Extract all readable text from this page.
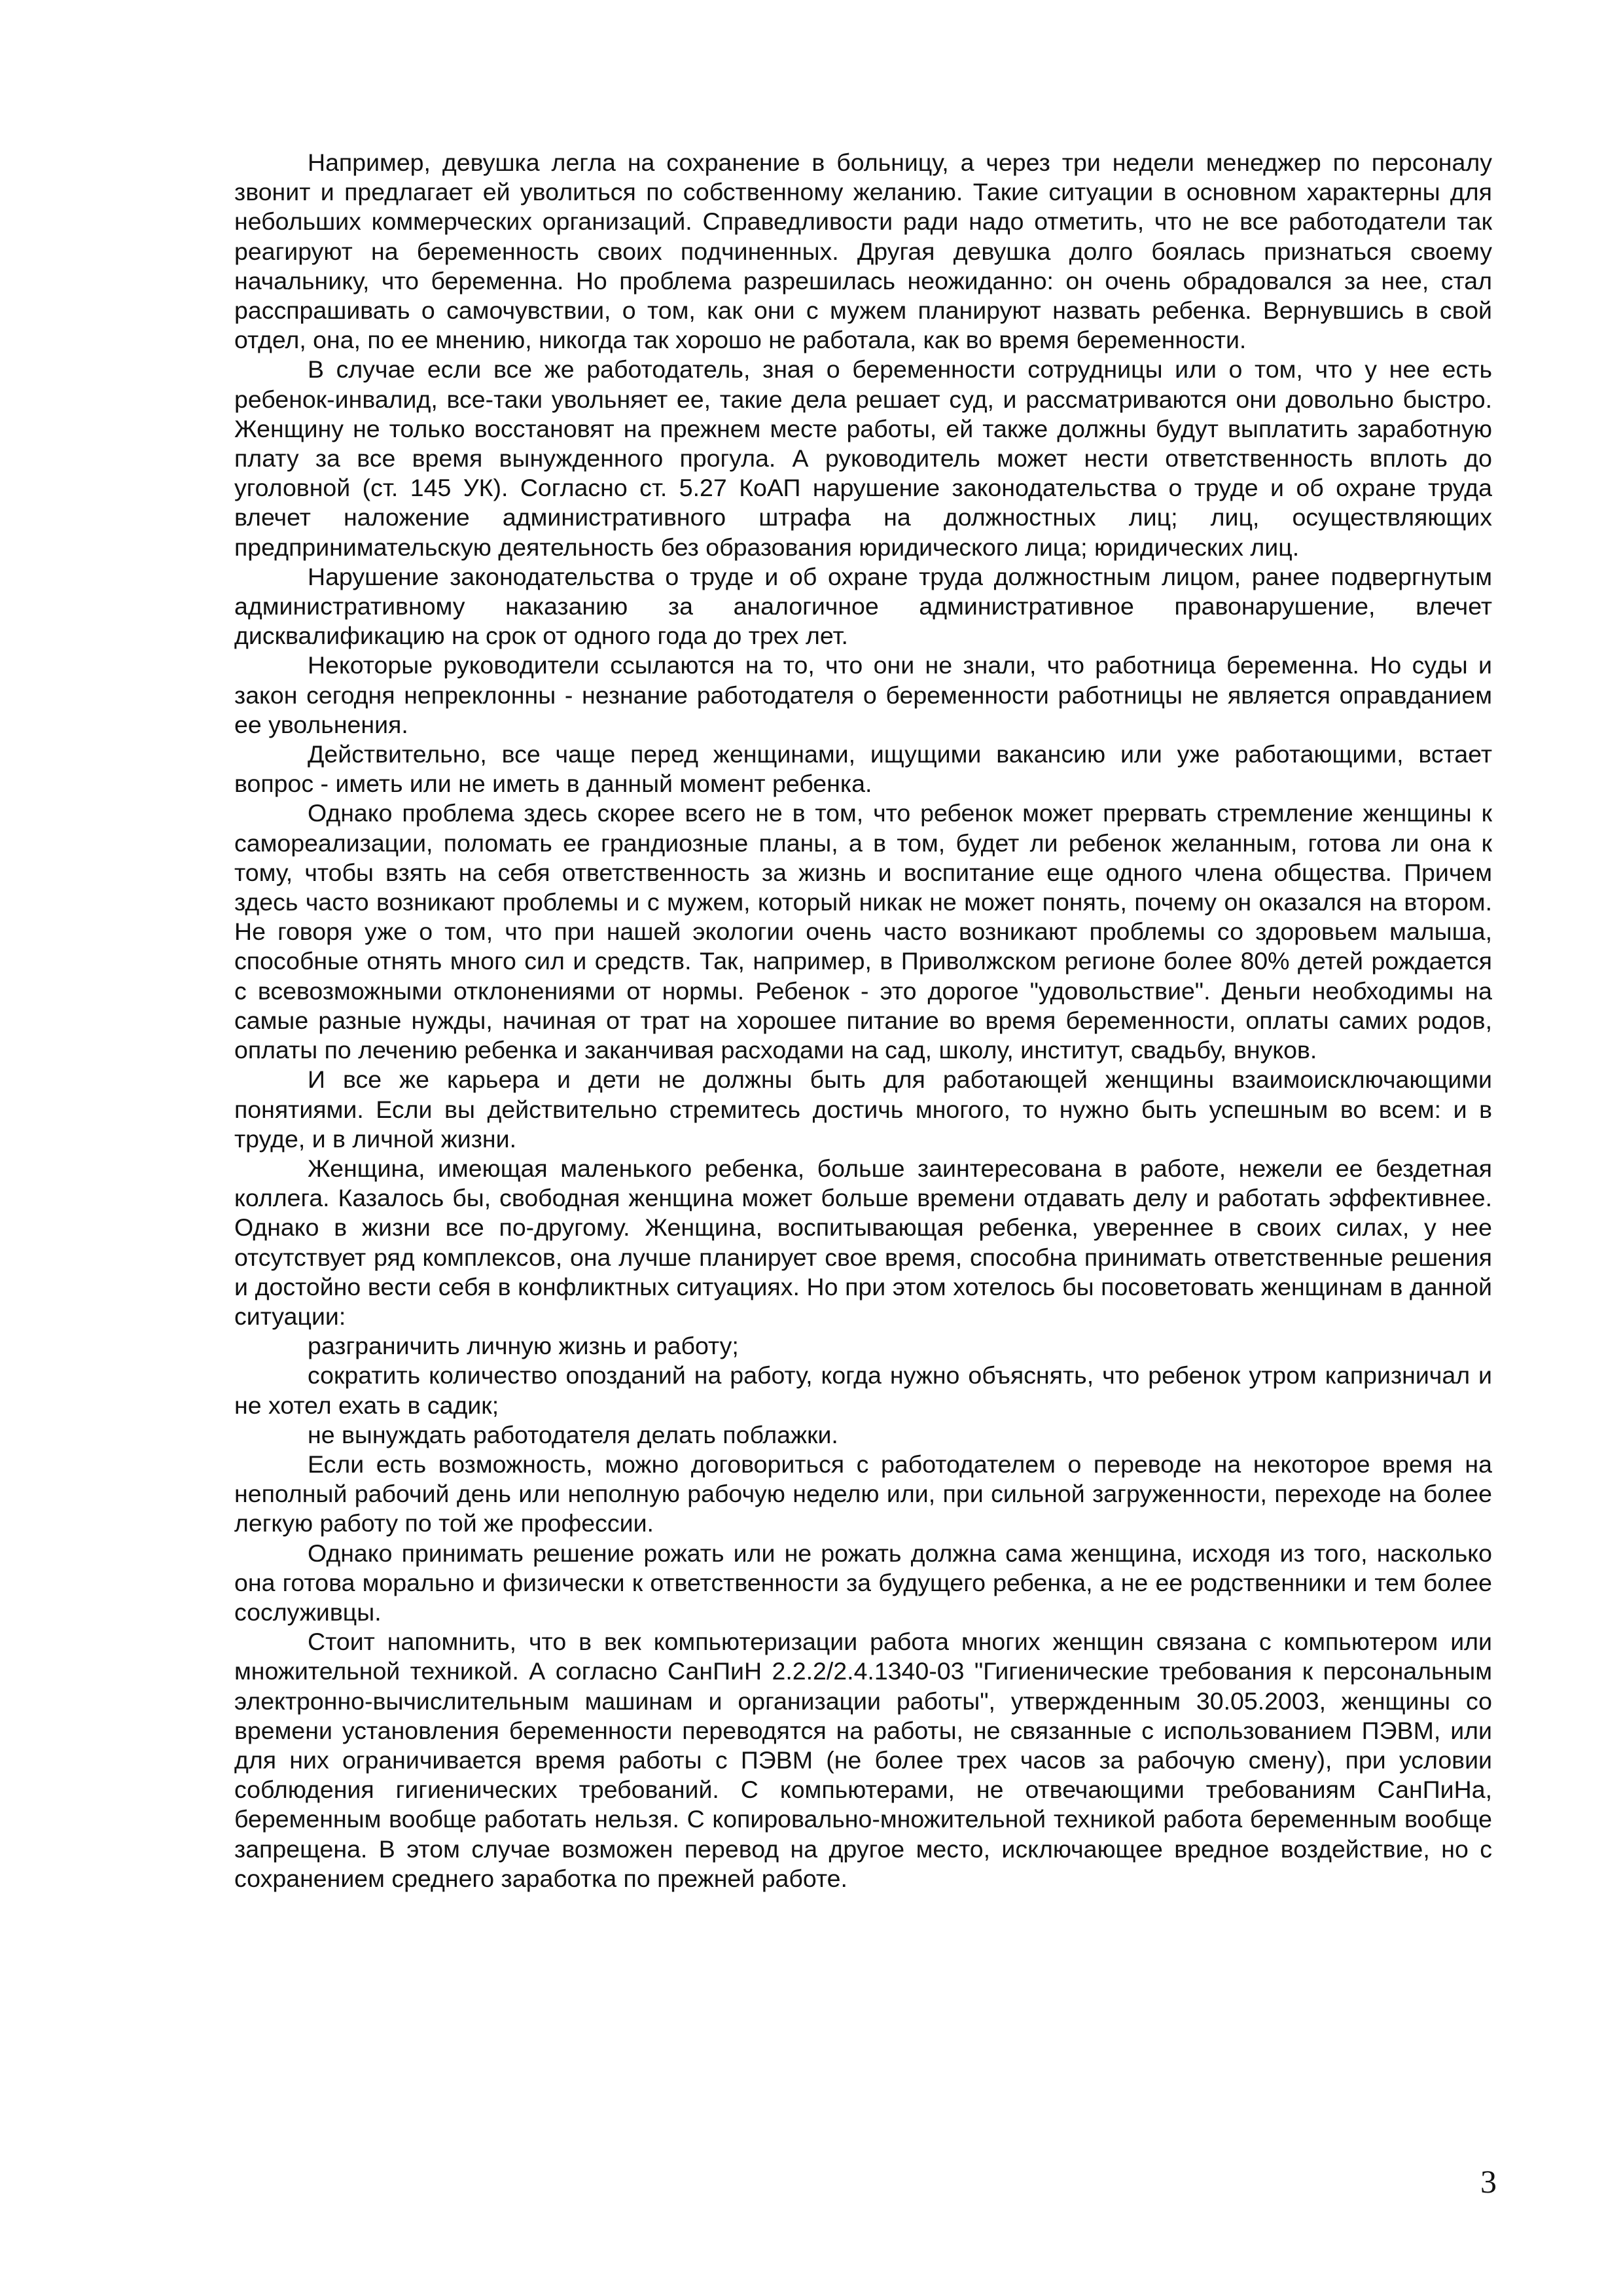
Например, девушка легла на сохранение в больницу, а через три недели менеджер по персоналу звонит и предлагает ей уволиться по собственному желанию. Такие ситуации в основном характерны для небольших коммерческих организаций. Справедливости ради надо отметить, что не все работодатели так реагируют на беременность своих подчиненных. Другая девушка долго боялась признаться своему начальнику, что беременна. Но проблема разрешилась неожиданно: он очень обрадовался за нее, стал расспрашивать о самочувствии, о том, как они с мужем планируют назвать ребенка. Вернувшись в свой отдел, она, по ее мнению, никогда так хорошо не работала, как во время беременности.

В случае если все же работодатель, зная о беременности сотрудницы или о том, что у нее есть ребенок-инвалид, все-таки увольняет ее, такие дела решает суд, и рассматриваются они довольно быстро. Женщину не только восстановят на прежнем месте работы, ей также должны будут выплатить заработную плату за все время вынужденного прогула. А руководитель может нести ответственность вплоть до уголовной (ст. 145 УК). Согласно ст. 5.27 КоАП нарушение законодательства о труде и об охране труда влечет наложение административного штрафа на должностных лиц; лиц, осуществляющих предпринимательскую деятельность без образования юридического лица; юридических лиц.

Нарушение законодательства о труде и об охране труда должностным лицом, ранее подвергнутым административному наказанию за аналогичное административное правонарушение, влечет дисквалификацию на срок от одного года до трех лет.

Некоторые руководители ссылаются на то, что они не знали, что работница беременна. Но суды и закон сегодня непреклонны - незнание работодателя о беременности работницы не является оправданием ее увольнения.

Действительно, все чаще перед женщинами, ищущими вакансию или уже работающими, встает вопрос - иметь или не иметь в данный момент ребенка.

Однако проблема здесь скорее всего не в том, что ребенок может прервать стремление женщины к самореализации, поломать ее грандиозные планы, а в том, будет ли ребенок желанным, готова ли она к тому, чтобы взять на себя ответственность за жизнь и воспитание еще одного члена общества. Причем здесь часто возникают проблемы и с мужем, который никак не может понять, почему он оказался на втором. Не говоря уже о том, что при нашей экологии очень часто возникают проблемы со здоровьем малыша, способные отнять много сил и средств. Так, например, в Приволжском регионе более 80% детей рождается с всевозможными отклонениями от нормы. Ребенок - это дорогое "удовольствие". Деньги необходимы на самые разные нужды, начиная от трат на хорошее питание во время беременности, оплаты самих родов, оплаты по лечению ребенка и заканчивая расходами на сад, школу, институт, свадьбу, внуков.

И все же карьера и дети не должны быть для работающей женщины взаимоисключающими понятиями. Если вы действительно стремитесь достичь многого, то нужно быть успешным во всем: и в труде, и в личной жизни.

Женщина, имеющая маленького ребенка, больше заинтересована в работе, нежели ее бездетная коллега. Казалось бы, свободная женщина может больше времени отдавать делу и работать эффективнее. Однако в жизни все по-другому. Женщина, воспитывающая ребенка, увереннее в своих силах, у нее отсутствует ряд комплексов, она лучше планирует свое время, способна принимать ответственные решения и достойно вести себя в конфликтных ситуациях. Но при этом хотелось бы посоветовать женщинам в данной ситуации:

разграничить личную жизнь и работу;

сократить количество опозданий на работу, когда нужно объяснять, что ребенок утром капризничал и не хотел ехать в садик;

не вынуждать работодателя делать поблажки.

Если есть возможность, можно договориться с работодателем о переводе на некоторое время на неполный рабочий день или неполную рабочую неделю или, при сильной загруженности, переходе на более легкую работу по той же профессии.

Однако принимать решение рожать или не рожать должна сама женщина, исходя из того, насколько она готова морально и физически к ответственности за будущего ребенка, а не ее родственники и тем более сослуживцы.

Стоит напомнить, что в век компьютеризации работа многих женщин связана с компьютером или множительной техникой. А согласно СанПиН 2.2.2/2.4.1340-03 "Гигиенические требования к персональным электронно-вычислительным машинам и организации работы", утвержденным 30.05.2003, женщины со времени установления беременности переводятся на работы, не связанные с использованием ПЭВМ, или для них ограничивается время работы с ПЭВМ (не более трех часов за рабочую смену), при условии соблюдения гигиенических требований. С компьютерами, не отвечающими требованиям СанПиНа, беременным вообще работать нельзя. С копировально-множительной техникой работа беременным вообще запрещена. В этом случае возможен перевод на другое место, исключающее вредное воздействие, но с сохранением среднего заработка по прежней работе.

3
